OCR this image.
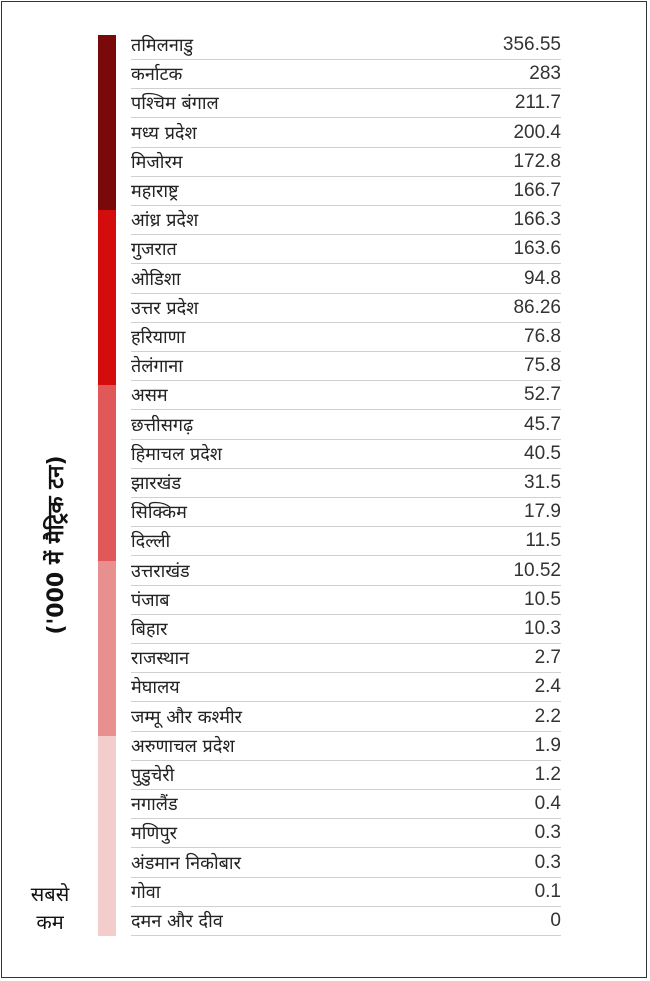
('000 में मैट्रिक टन)
सबसे
कम
तमिलनाडु	356.55
कर्नाटक	283
पश्चिम बंगाल	211.7
मध्य प्रदेश	200.4
मिजोरम	172.8
महाराष्ट्र	166.7
आंध्र प्रदेश	166.3
गुजरात	163.6
ओडिशा	94.8
उत्तर प्रदेश	86.26
हरियाणा	76.8
तेलंगाना	75.8
असम	52.7
छत्तीसगढ़	45.7
हिमाचल प्रदेश	40.5
झारखंड	31.5
सिक्किम	17.9
दिल्ली	11.5
उत्तराखंड	10.52
पंजाब	10.5
बिहार	10.3
राजस्थान	2.7
मेघालय	2.4
जम्मू और कश्मीर	2.2
अरुणाचल प्रदेश	1.9
पुडुचेरी	1.2
नगालैंड	0.4
मणिपुर	0.3
अंडमान निकोबार	0.3
गोवा	0.1
दमन और दीव	0
